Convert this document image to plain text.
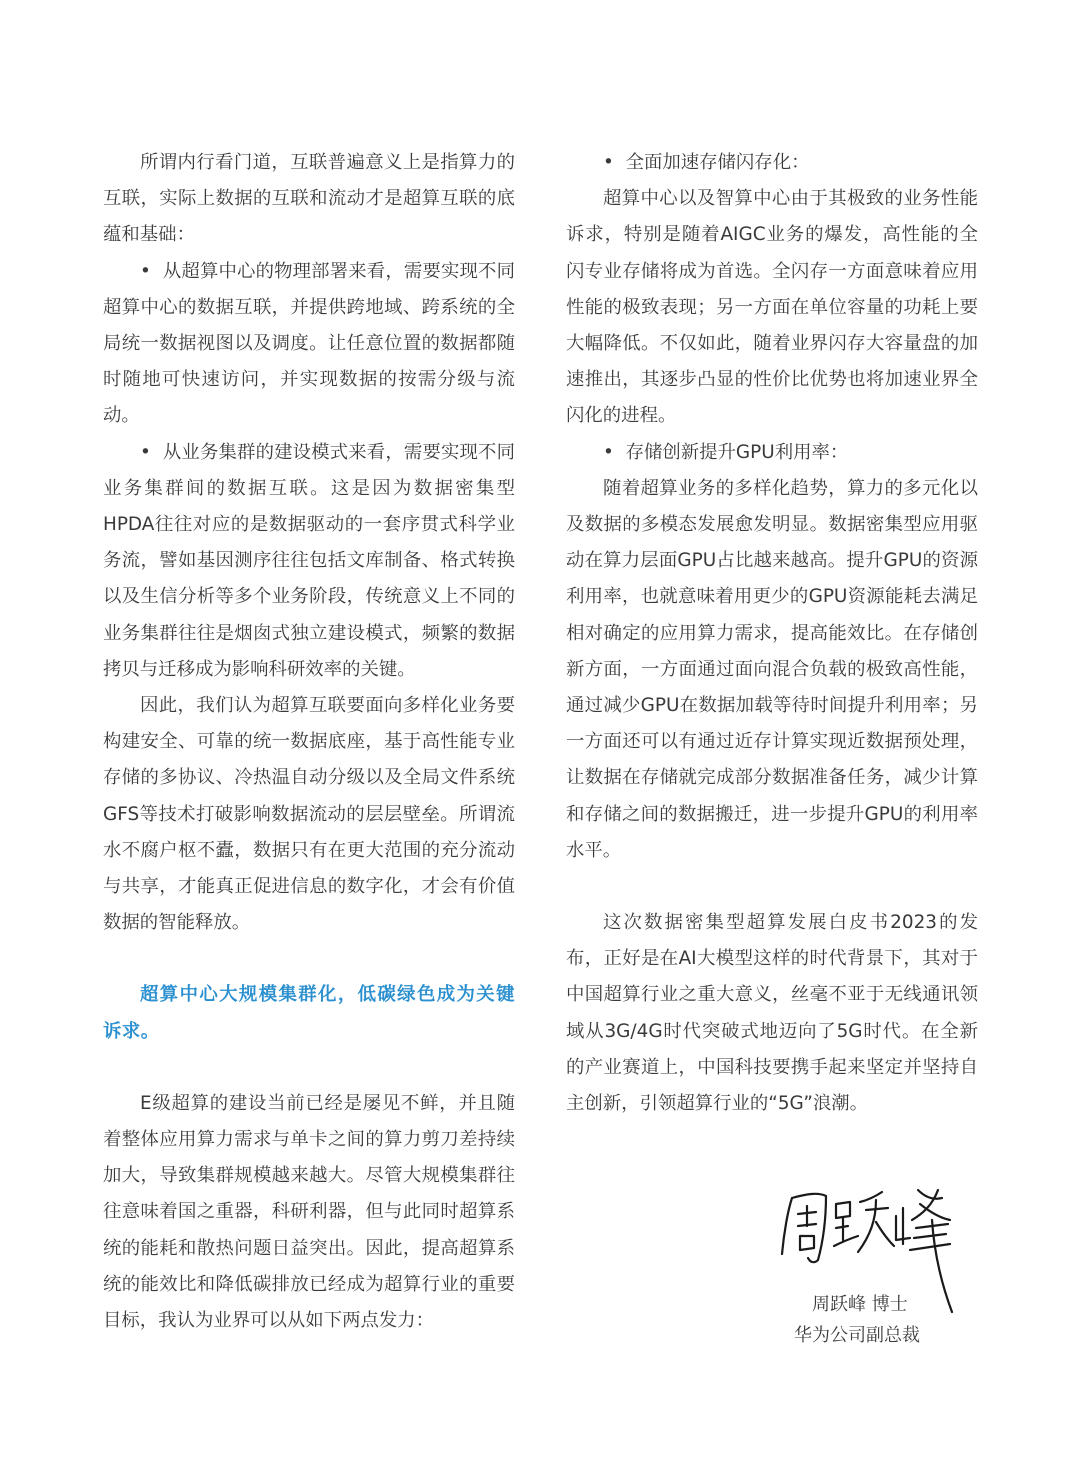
所谓内行看门道，互联普遍意义上是指算力的互联，实际上数据的互联和流动才是超算互联的底蕴和基础：

• 从超算中心的物理部署来看，需要实现不同超算中心的数据互联，并提供跨地域、跨系统的全局统一数据视图以及调度。让任意位置的数据都随时随地可快速访问，并实现数据的按需分级与流动。

• 从业务集群的建设模式来看，需要实现不同业务集群间的数据互联。这是因为数据密集型HPDA往往对应的是数据驱动的一套序贯式科学业务流，譬如基因测序往往包括文库制备、格式转换以及生信分析等多个业务阶段，传统意义上不同的业务集群往往是烟囱式独立建设模式，频繁的数据拷贝与迁移成为影响科研效率的关键。

因此，我们认为超算互联要面向多样化业务要构建安全、可靠的统一数据底座，基于高性能专业存储的多协议、冷热温自动分级以及全局文件系统GFS等技术打破影响数据流动的层层壁垒。所谓流水不腐户枢不蠹，数据只有在更大范围的充分流动与共享，才能真正促进信息的数字化，才会有价值数据的智能释放。

超算中心大规模集群化，低碳绿色成为关键诉求。

E级超算的建设当前已经是屡见不鲜，并且随着整体应用算力需求与单卡之间的算力剪刀差持续加大，导致集群规模越来越大。尽管大规模集群往往意味着国之重器，科研利器，但与此同时超算系统的能耗和散热问题日益突出。因此，提高超算系统的能效比和降低碳排放已经成为超算行业的重要目标，我认为业界可以从如下两点发力：

• 全面加速存储闪存化：

超算中心以及智算中心由于其极致的业务性能诉求，特别是随着AIGC业务的爆发，高性能的全闪专业存储将成为首选。全闪存一方面意味着应用性能的极致表现；另一方面在单位容量的功耗上要大幅降低。不仅如此，随着业界闪存大容量盘的加速推出，其逐步凸显的性价比优势也将加速业界全闪化的进程。

• 存储创新提升GPU利用率：

随着超算业务的多样化趋势，算力的多元化以及数据的多模态发展愈发明显。数据密集型应用驱动在算力层面GPU占比越来越高。提升GPU的资源利用率，也就意味着用更少的GPU资源能耗去满足相对确定的应用算力需求，提高能效比。在存储创新方面，一方面通过面向混合负载的极致高性能，通过减少GPU在数据加载等待时间提升利用率；另一方面还可以有通过近存计算实现近数据预处理，让数据在存储就完成部分数据准备任务，减少计算和存储之间的数据搬迁，进一步提升GPU的利用率水平。

这次数据密集型超算发展白皮书2023的发布，正好是在AI大模型这样的时代背景下，其对于中国超算行业之重大意义，丝毫不亚于无线通讯领域从3G/4G时代突破式地迈向了5G时代。在全新的产业赛道上，中国科技要携手起来坚定并坚持自主创新，引领超算行业的“5G”浪潮。

周跃峰 博士
华为公司副总裁
